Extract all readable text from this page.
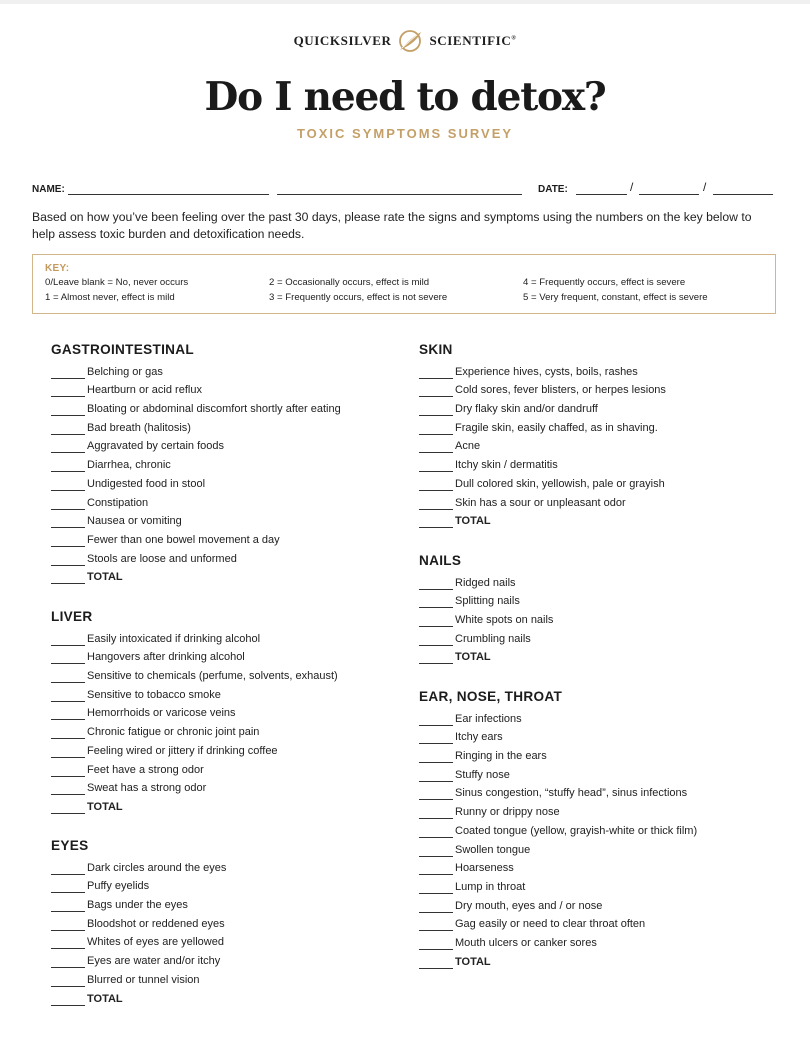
QUICKSILVER	SCIENTIFIC®
Do I need to detox?
TOXIC SYMPTOMS SURVEY
NAME:	DATE:	/	/

Based on how you’ve been feeling over the past 30 days, please rate the signs and symptoms using the numbers on the key below to help assess toxic burden and detoxification needs.

KEY:
0/Leave blank = No, never occurs
1 = Almost never, effect is mild
2 = Occasionally occurs, effect is mild
3 = Frequently occurs, effect is not severe
4 = Frequently occurs, effect is severe
5 = Very frequent, constant, effect is severe
GASTROINTESTINAL
Belching or gas
Heartburn or acid reflux
Bloating or abdominal discomfort shortly after eating
Bad breath (halitosis)
Aggravated by certain foods
Diarrhea, chronic
Undigested food in stool
Constipation
Nausea or vomiting
Fewer than one bowel movement a day
Stools are loose and unformed
TOTAL
LIVER
Easily intoxicated if drinking alcohol
Hangovers after drinking alcohol
Sensitive to chemicals (perfume, solvents, exhaust)
Sensitive to tobacco smoke
Hemorrhoids or varicose veins
Chronic fatigue or chronic joint pain
Feeling wired or jittery if drinking coffee
Feet have a strong odor
Sweat has a strong odor
TOTAL
EYES
Dark circles around the eyes
Puffy eyelids
Bags under the eyes
Bloodshot or reddened eyes
Whites of eyes are yellowed
Eyes are water and/or itchy
Blurred or tunnel vision
TOTAL
SKIN
Experience hives, cysts, boils, rashes
Cold sores, fever blisters, or herpes lesions
Dry flaky skin and/or dandruff
Fragile skin, easily chaffed, as in shaving.
Acne
Itchy skin / dermatitis
Dull colored skin, yellowish, pale or grayish
Skin has a sour or unpleasant odor
TOTAL
NAILS
Ridged nails
Splitting nails
White spots on nails
Crumbling nails
TOTAL
EAR, NOSE, THROAT
Ear infections
Itchy ears
Ringing in the ears
Stuffy nose
Sinus congestion, “stuffy head”, sinus infections
Runny or drippy nose
Coated tongue (yellow, grayish-white or thick film)
Swollen tongue
Hoarseness
Lump in throat
Dry mouth, eyes and / or nose
Gag easily or need to clear throat often
Mouth ulcers or canker sores
TOTAL
